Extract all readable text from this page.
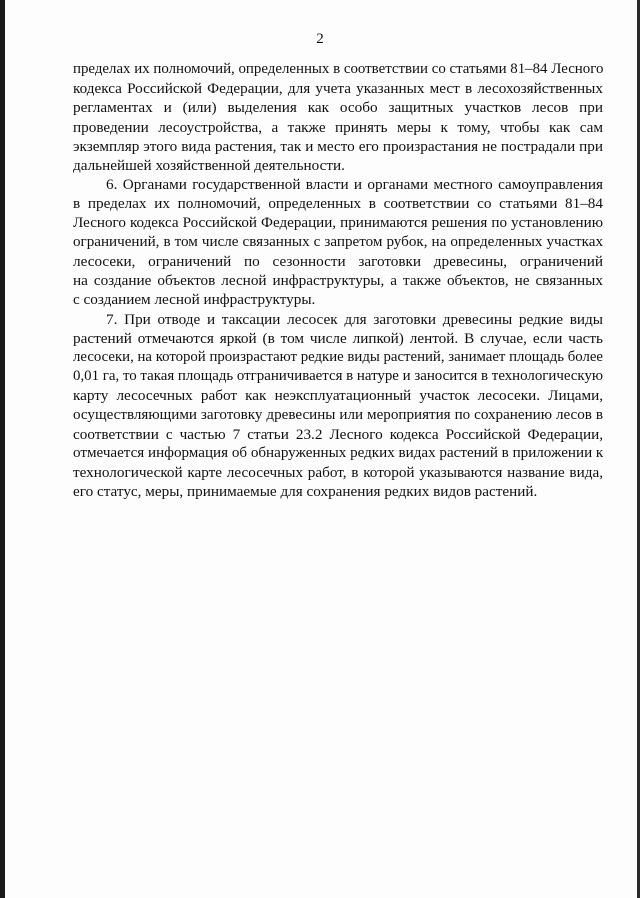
2
пределах их полномочий, определенных в соответствии со статьями 81–84 Лесного
кодекса Российской Федерации, для учета указанных мест в лесохозяйственных
регламентах и (или) выделения как особо защитных участков лесов при
проведении лесоустройства, а также принять меры к тому, чтобы как сам
экземпляр этого вида растения, так и место его произрастания не пострадали при
дальнейшей хозяйственной деятельности.
6. Органами государственной власти и органами местного самоуправления
в пределах их полномочий, определенных в соответствии со статьями 81–84
Лесного кодекса Российской Федерации, принимаются решения по установлению
ограничений, в том числе связанных с запретом рубок, на определенных участках
лесосеки, ограничений по сезонности заготовки древесины, ограничений
на создание объектов лесной инфраструктуры, а также объектов, не связанных
с созданием лесной инфраструктуры.
7. При отводе и таксации лесосек для заготовки древесины редкие виды
растений отмечаются яркой (в том числе липкой) лентой. В случае, если часть
лесосеки, на которой произрастают редкие виды растений, занимает площадь более
0,01 га, то такая площадь отграничивается в натуре и заносится в технологическую
карту лесосечных работ как неэксплуатационный участок лесосеки. Лицами,
осуществляющими заготовку древесины или мероприятия по сохранению лесов в
соответствии с частью 7 статьи 23.2 Лесного кодекса Российской Федерации,
отмечается информация об обнаруженных редких видах растений в приложении к
технологической карте лесосечных работ, в которой указываются название вида,
его статус, меры, принимаемые для сохранения редких видов растений.
